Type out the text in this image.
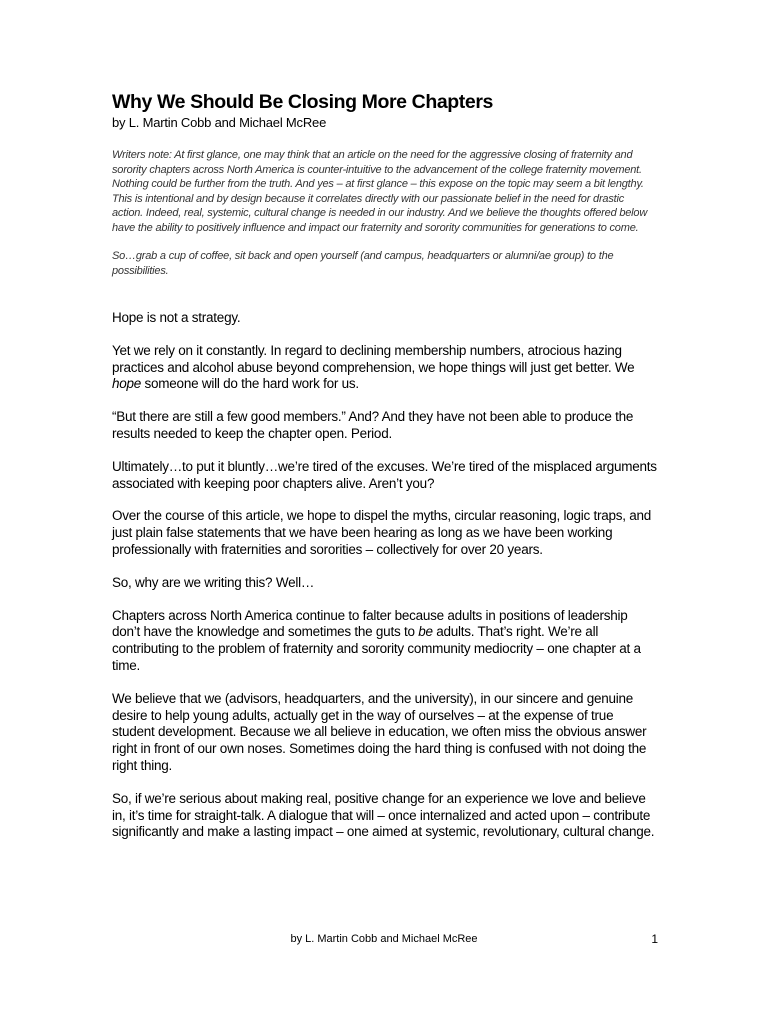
Why We Should Be Closing More Chapters

by L. Martin Cobb and Michael McRee

Writers note: At first glance, one may think that an article on the need for the aggressive closing of fraternity and sorority chapters across North America is counter-intuitive to the advancement of the college fraternity movement. Nothing could be further from the truth. And yes – at first glance – this expose on the topic may seem a bit lengthy. This is intentional and by design because it correlates directly with our passionate belief in the need for drastic action. Indeed, real, systemic, cultural change is needed in our industry. And we believe the thoughts offered below have the ability to positively influence and impact our fraternity and sorority communities for generations to come.

So…grab a cup of coffee, sit back and open yourself (and campus, headquarters or alumni/ae group) to the possibilities.

Hope is not a strategy.

Yet we rely on it constantly. In regard to declining membership numbers, atrocious hazing practices and alcohol abuse beyond comprehension, we hope things will just get better. We hope someone will do the hard work for us.

“But there are still a few good members.” And? And they have not been able to produce the results needed to keep the chapter open. Period.

Ultimately…to put it bluntly…we’re tired of the excuses. We’re tired of the misplaced arguments associated with keeping poor chapters alive. Aren’t you?

Over the course of this article, we hope to dispel the myths, circular reasoning, logic traps, and just plain false statements that we have been hearing as long as we have been working professionally with fraternities and sororities – collectively for over 20 years.

So, why are we writing this? Well…

Chapters across North America continue to falter because adults in positions of leadership don’t have the knowledge and sometimes the guts to be adults. That’s right. We’re all contributing to the problem of fraternity and sorority community mediocrity – one chapter at a time.

We believe that we (advisors, headquarters, and the university), in our sincere and genuine desire to help young adults, actually get in the way of ourselves – at the expense of true student development. Because we all believe in education, we often miss the obvious answer right in front of our own noses. Sometimes doing the hard thing is confused with not doing the right thing.

So, if we’re serious about making real, positive change for an experience we love and believe in, it’s time for straight-talk. A dialogue that will – once internalized and acted upon – contribute significantly and make a lasting impact – one aimed at systemic, revolutionary, cultural change.

by L. Martin Cobb and Michael McRee	1
